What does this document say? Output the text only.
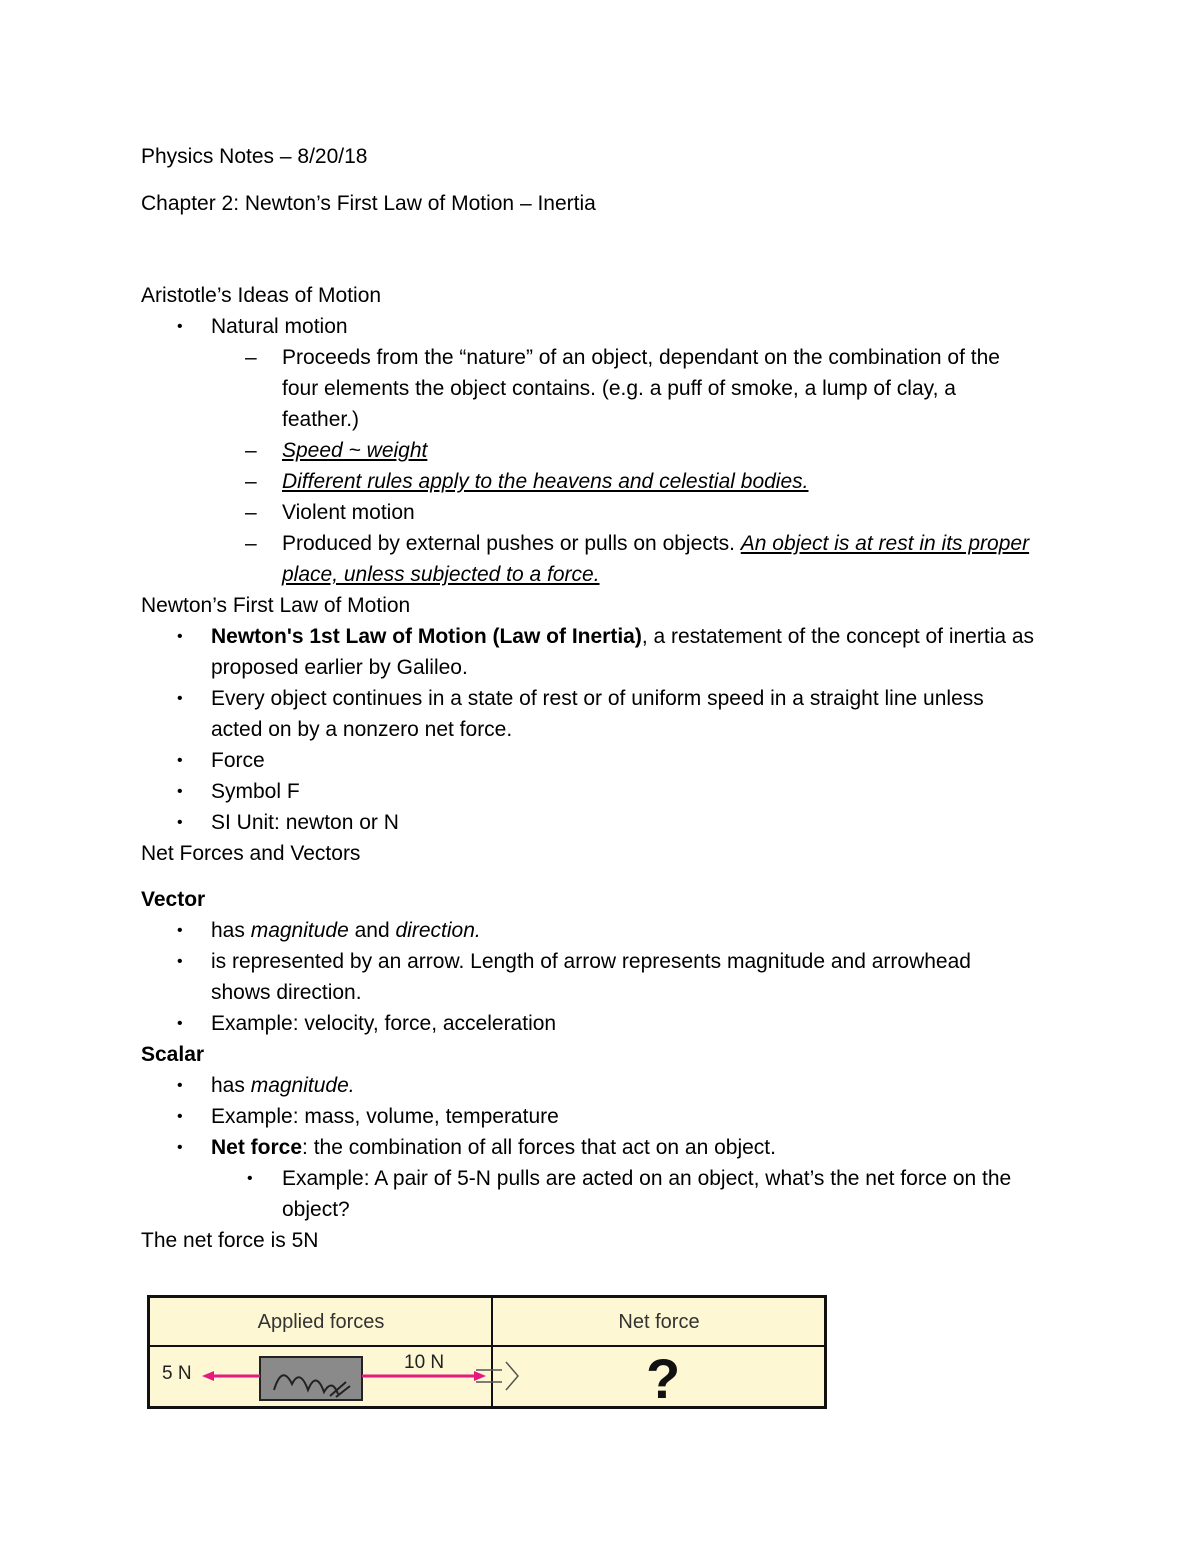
Physics Notes – 8/20/18
Chapter 2: Newton’s First Law of Motion – Inertia
Aristotle’s Ideas of Motion
• Natural motion
– Proceeds from the “nature” of an object, dependant on the combination of the
four elements the object contains. (e.g. a puff of smoke, a lump of clay, a
feather.)
– Speed ~ weight
– Different rules apply to the heavens and celestial bodies.
– Violent motion
– Produced by external pushes or pulls on objects. An object is at rest in its proper
place, unless subjected to a force.
Newton’s First Law of Motion
• Newton's 1st Law of Motion (Law of Inertia), a restatement of the concept of inertia as
proposed earlier by Galileo.
• Every object continues in a state of rest or of uniform speed in a straight line unless
acted on by a nonzero net force.
• Force
• Symbol F
• SI Unit: newton or N
Net Forces and Vectors
Vector
• has magnitude and direction.
• is represented by an arrow. Length of arrow represents magnitude and arrowhead
shows direction.
• Example: velocity, force, acceleration
Scalar
• has magnitude.
• Example: mass, volume, temperature
• Net force: the combination of all forces that act on an object.
• Example: A pair of 5-N pulls are acted on an object, what’s the net force on the
object?
The net force is 5N
Applied forces	Net force
5 N
10 N	?
